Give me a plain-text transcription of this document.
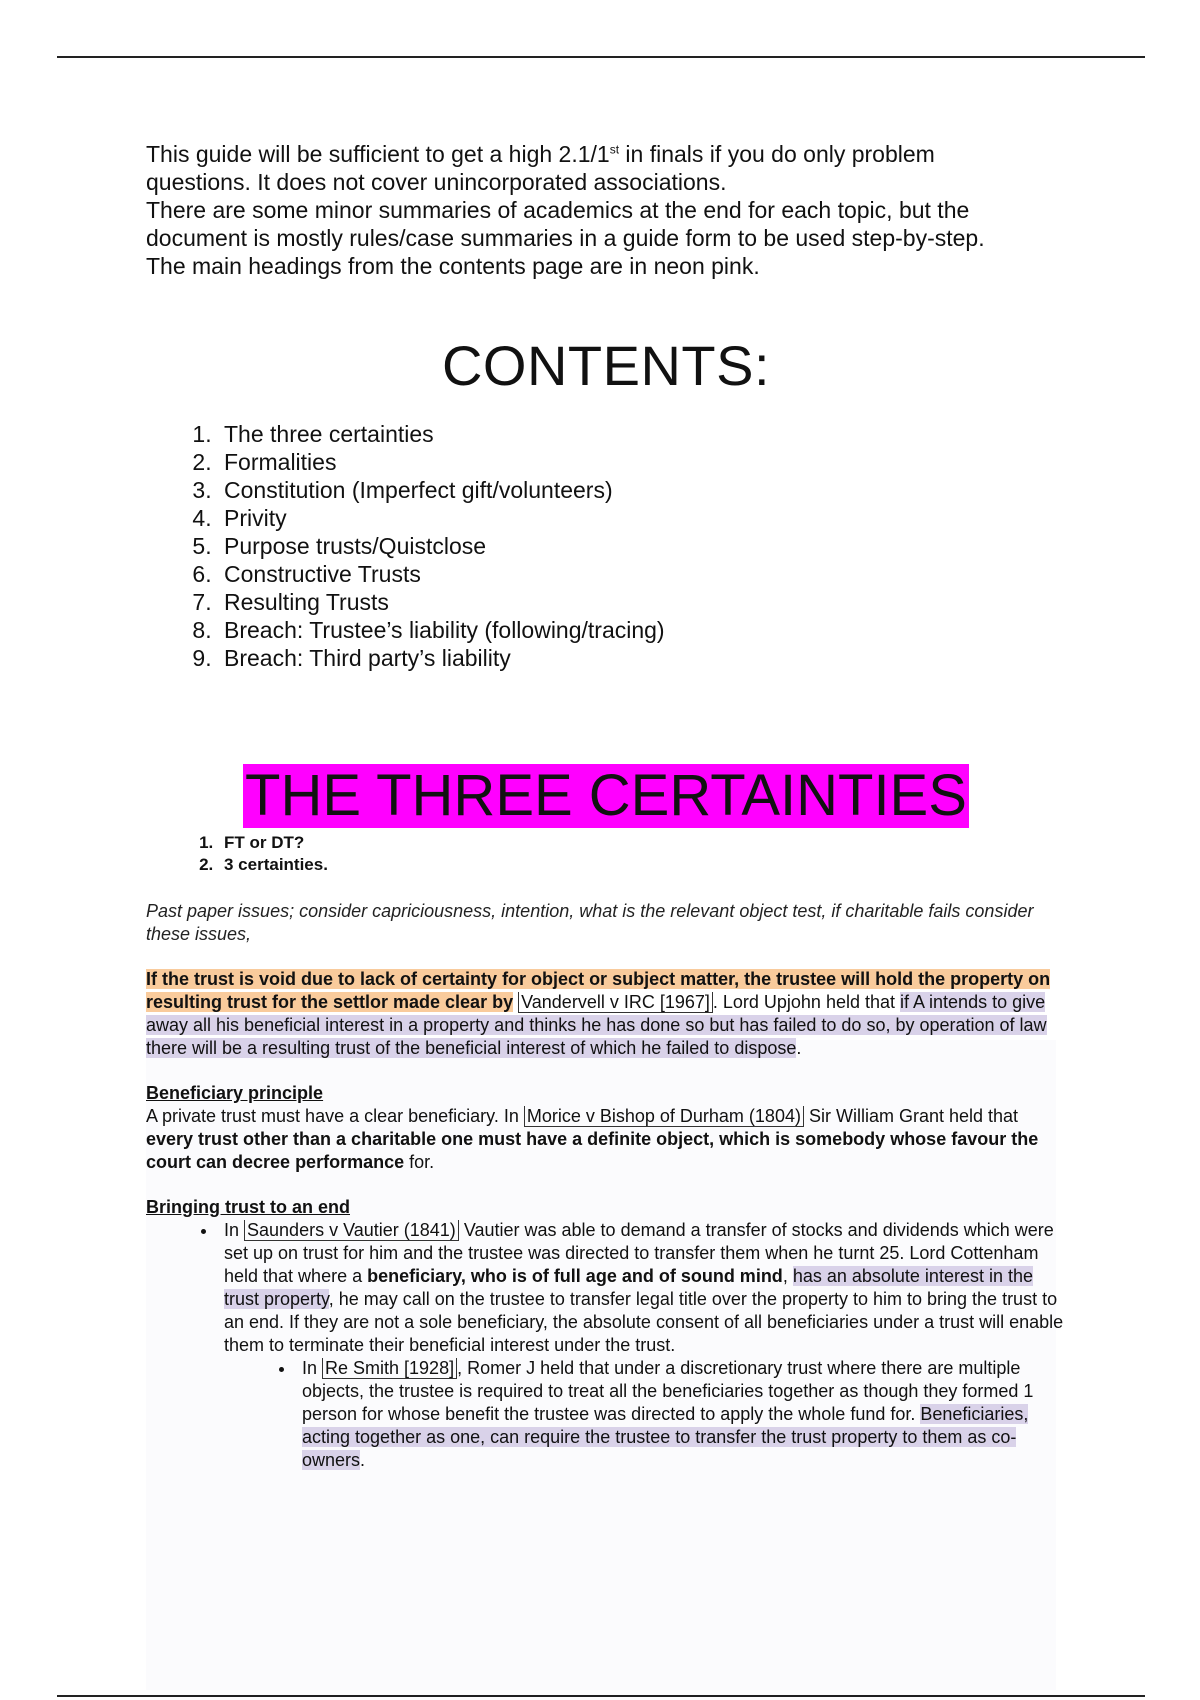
This guide will be sufficient to get a high 2.1/1st in finals if you do only problem

questions. It does not cover unincorporated associations.

There are some minor summaries of academics at the end for each topic, but the

document is mostly rules/case summaries in a guide form to be used step-by-step.

The main headings from the contents page are in neon pink.

CONTENTS:
1. The three certainties
2. Formalities
3. Constitution (Imperfect gift/volunteers)
4. Privity
5. Purpose trusts/Quistclose
6. Constructive Trusts
7. Resulting Trusts
8. Breach: Trustee’s liability (following/tracing)
9. Breach: Third party’s liability
THE THREE CERTAINTIES
1. FT or DT?
2. 3 certainties.
Past paper issues; consider capriciousness, intention, what is the relevant object test, if charitable fails consider these issues,
If the trust is void due to lack of certainty for object or subject matter, the trustee will hold the property on resulting trust for the settlor made clear by Vandervell v IRC [1967] . Lord Upjohn held that if A intends to give away all his beneficial interest in a property and thinks he has done so but has failed to do so, by operation of law there will be a resulting trust of the beneficial interest of which he failed to dispose.
Beneficiary principle
A private trust must have a clear beneficiary. In Morice v Bishop of Durham (1804) Sir William Grant held that every trust other than a charitable one must have a definite object, which is somebody whose favour the court can decree performance for.
Bringing trust to an end
• In Saunders v Vautier (1841) Vautier was able to demand a transfer of stocks and dividends which were set up on trust for him and the trustee was directed to transfer them when he turnt 25. Lord Cottenham held that where a beneficiary, who is of full age and of sound mind, has an absolute interest in the trust property, he may call on the trustee to transfer legal title over the property to him to bring the trust to an end. If they are not a sole beneficiary, the absolute consent of all beneficiaries under a trust will enable them to terminate their beneficial interest under the trust.
• In Re Smith [1928] , Romer J held that under a discretionary trust where there are multiple objects, the trustee is required to treat all the beneficiaries together as though they formed 1 person for whose benefit the trustee was directed to apply the whole fund for. Beneficiaries, acting together as one, can require the trustee to transfer the trust property to them as co-owners.
